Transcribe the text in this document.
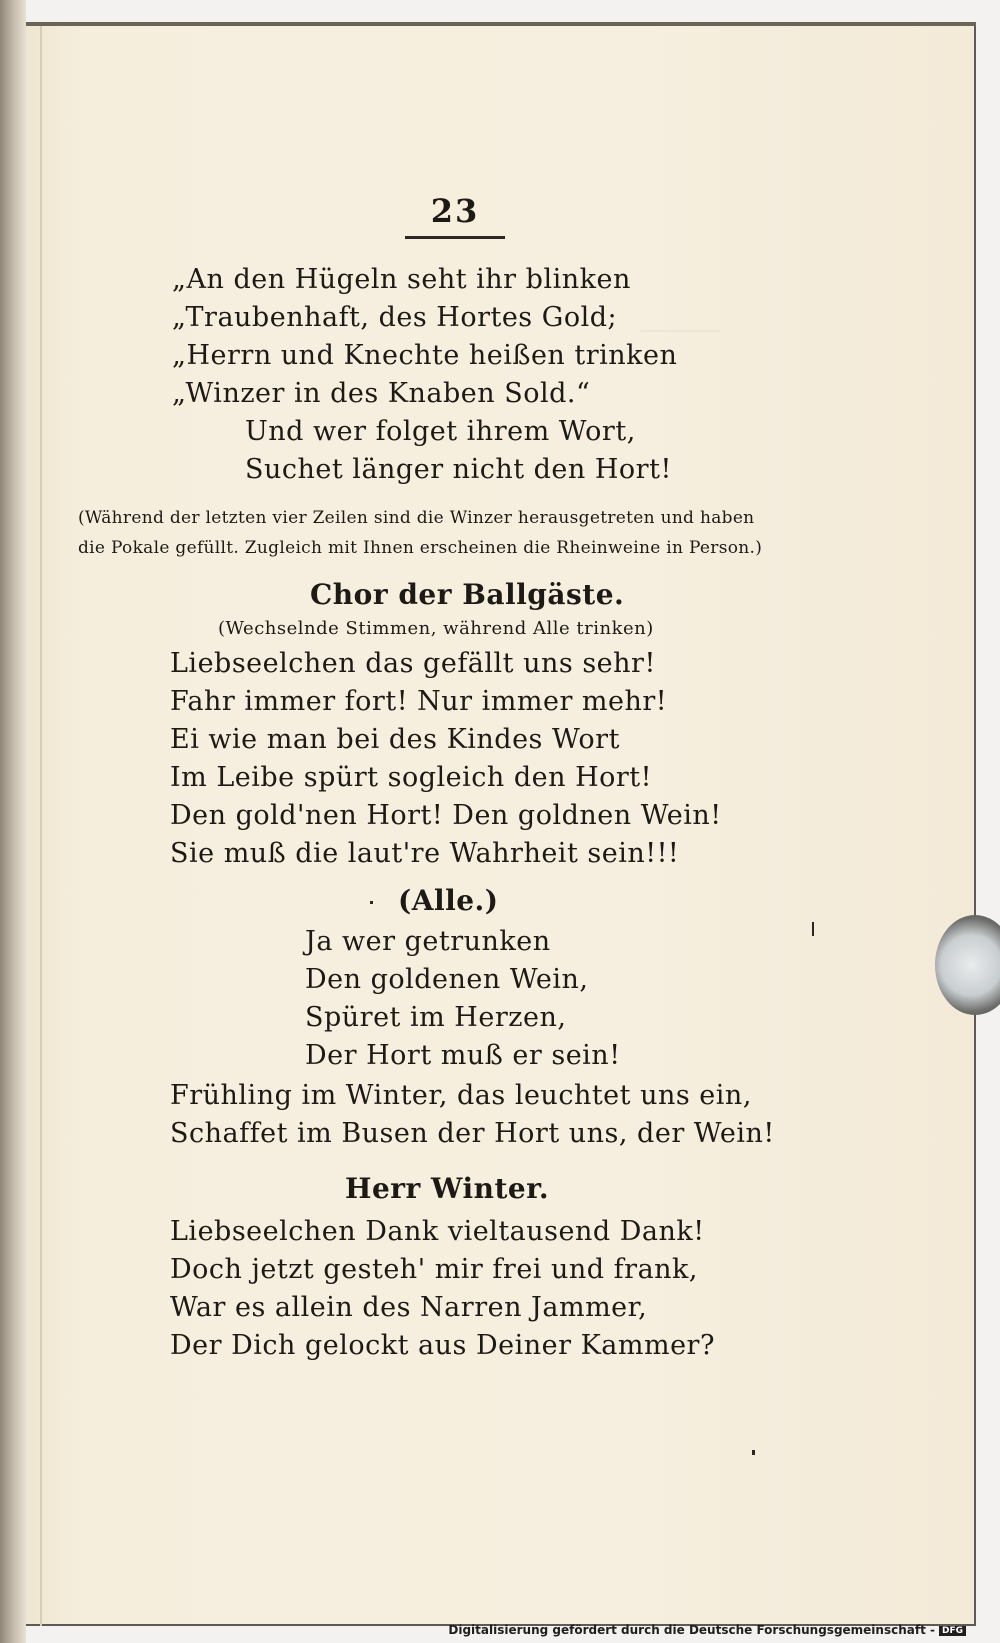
23
„An den Hügeln seht ihr blinken
„Traubenhaft, des Hortes Gold;
„Herrn und Knechte heißen trinken
„Winzer in des Knaben Sold.“
Und wer folget ihrem Wort,
Suchet länger nicht den Hort!
(Während der letzten vier Zeilen sind die Winzer herausgetreten und haben
die Pokale gefüllt. Zugleich mit Ihnen erscheinen die Rheinweine in Person.)
Chor der Ballgäste.
(Wechselnde Stimmen, während Alle trinken)
Liebseelchen das gefällt uns sehr!
Fahr immer fort! Nur immer mehr!
Ei wie man bei des Kindes Wort
Im Leibe spürt sogleich den Hort!
Den gold'nen Hort! Den goldnen Wein!
Sie muß die laut're Wahrheit sein!!!
(Alle.)
Ja wer getrunken
Den goldenen Wein,
Spüret im Herzen,
Der Hort muß er sein!
Frühling im Winter, das leuchtet uns ein,
Schaffet im Busen der Hort uns, der Wein!
Herr Winter.
Liebseelchen Dank vieltausend Dank!
Doch jetzt gesteh' mir frei und frank,
War es allein des Narren Jammer,
Der Dich gelockt aus Deiner Kammer?
Digitalisierung gefördert durch die Deutsche Forschungsgemeinschaft - DFG
